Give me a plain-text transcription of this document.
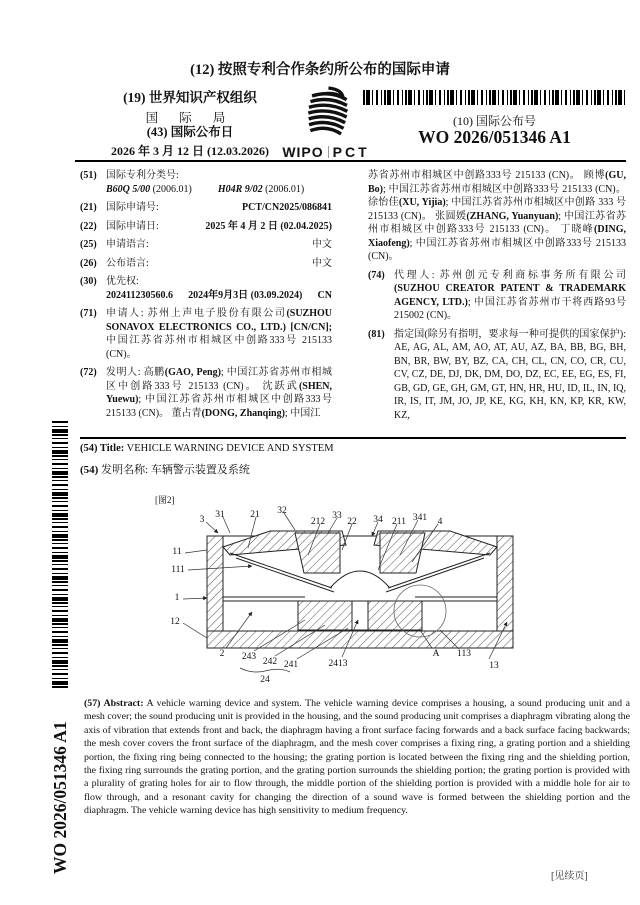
(12) 按照专利合作条约所公布的国际申请
(19) 世界知识产权组织
国 际 局
(43) 国际公布日
2026 年 3 月 12 日 (12.03.2026) WIPO PCT
(10) 国际公布号
WO 2026/051346 A1
(51) 国际专利分类号:
B60Q 5/00 (2006.01)	H04R 9/02 (2006.01)
(21) 国际申请号:	PCT/CN2025/086841
(22) 国际申请日:	2025 年 4 月 2 日 (02.04.2025)
(25) 申请语言:	中文
(26) 公布语言:	中文
(30) 优先权:
202411230560.6 2024年9月3日 (03.09.2024) CN
(71) 申请人: 苏州上声电子股份有限公司(SUZHOU SONAVOX ELECTRONICS CO., LTD.) [CN/CN]; 中国江苏省苏州市相城区中创路333号 215133 (CN)。
(72) 发明人: 高鹏(GAO, Peng); 中国江苏省苏州市相城区中创路333号 215133 (CN)。 沈跃武(SHEN, Yuewu); 中国江苏省苏州市相城区中创路333号 215133 (CN)。 董占青(DONG, Zhanqing); 中国江
苏省苏州市相城区中创路333号 215133 (CN)。 顾博(GU, Bo); 中国江苏省苏州市相城区中创路333号 215133 (CN)。 徐怡佳(XU, Yijia); 中国江苏省苏州市相城区中创路 333 号 215133 (CN)。 张圆媛(ZHANG, Yuanyuan); 中国江苏省苏州市相城区中创路333号 215133 (CN)。 丁晓峰(DING, Xiaofeng); 中国江苏省苏州市相城区中创路333号 215133 (CN)。
(74) 代理人: 苏州创元专利商标事务所有限公司 (SUZHOU CREATOR PATENT & TRADEMARK AGENCY, LTD.); 中国江苏省苏州市干将西路93号 215002 (CN)。
(81) 指定国(除另有指明，要求每一种可提供的国家保护): AE, AG, AL, AM, AO, AT, AU, AZ, BA, BB, BG, BH, BN, BR, BW, BY, BZ, CA, CH, CL, CN, CO, CR, CU, CV, CZ, DE, DJ, DK, DM, DO, DZ, EC, EE, EG, ES, FI, GB, GD, GE, GH, GM, GT, HN, HR, HU, ID, IL, IN, IQ, IR, IS, IT, JM, JO, JP, KE, KG, KH, KN, KP, KR, KW, KZ,
WO 2026/051346 A1
(54) Title: VEHICLE WARNING DEVICE AND SYSTEM
(54) 发明名称: 车辆警示装置及系统
[图2]
3 31	21 32
212
33
22 34 211 341 4
11
111
1
12
2 243 242 241	2413
24
A 113
13
(57) Abstract: A vehicle warning device and system. The vehicle warning device comprises a housing, a sound producing unit and a mesh cover; the sound producing unit is provided in the housing, and the sound producing unit comprises a diaphragm vibrating along the axis of vibration that extends front and back, the diaphragm having a front surface facing forwards and a back surface facing backwards; the mesh cover covers the front surface of the diaphragm, and the mesh cover comprises a fixing ring, a grating portion and a shielding portion, the fixing ring being connected to the housing; the grating portion is located between the fixing ring and the shielding portion, the fixing ring surrounds the grating portion, and the grating portion surrounds the shielding portion; the grating portion is provided with a plurality of grating holes for air to flow through, the middle portion of the shielding portion is provided with a middle hole for air to flow through, and a resonant cavity for changing the direction of a sound wave is formed between the shielding portion and the diaphragm. The vehicle warning device has high sensitivity to medium frequency.
[见续页]
